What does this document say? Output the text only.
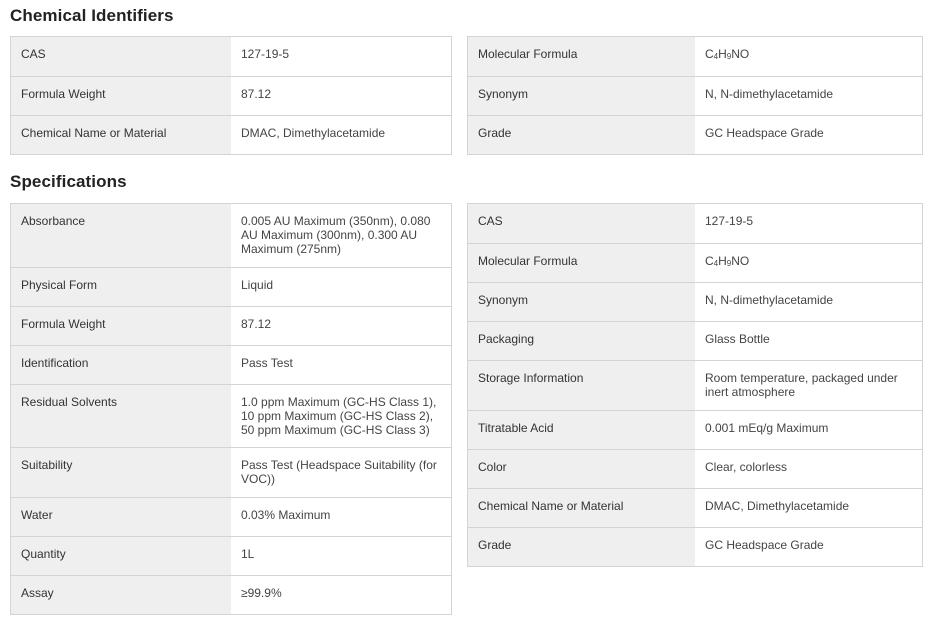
Chemical Identifiers
CAS	127-19-5
Formula Weight	87.12
Chemical Name or Material	DMAC, Dimethylacetamide
Molecular Formula	$C_4H_9NO$
Synonym	N, N-dimethylacetamide
Grade	GC Headspace Grade
Specifications
Absorbance	0.005 AU Maximum (350nm), 0.080 AU Maximum (300nm), 0.300 AU Maximum (275nm)
Physical Form	Liquid
Formula Weight	87.12
Identification	Pass Test
Residual Solvents	1.0 ppm Maximum (GC-HS Class 1), 10 ppm Maximum (GC-HS Class 2), 50 ppm Maximum (GC-HS Class 3)
Suitability	Pass Test (Headspace Suitability (for VOC))
Water	0.03% Maximum
Quantity	1L
Assay	≥99.9%
CAS	127-19-5
Molecular Formula	$C_4H_9NO$
Synonym	N, N-dimethylacetamide
Packaging	Glass Bottle
Storage Information	Room temperature, packaged under inert atmosphere
Titratable Acid	0.001 mEq/g Maximum
Color	Clear, colorless
Chemical Name or Material	DMAC, Dimethylacetamide
Grade	GC Headspace Grade
